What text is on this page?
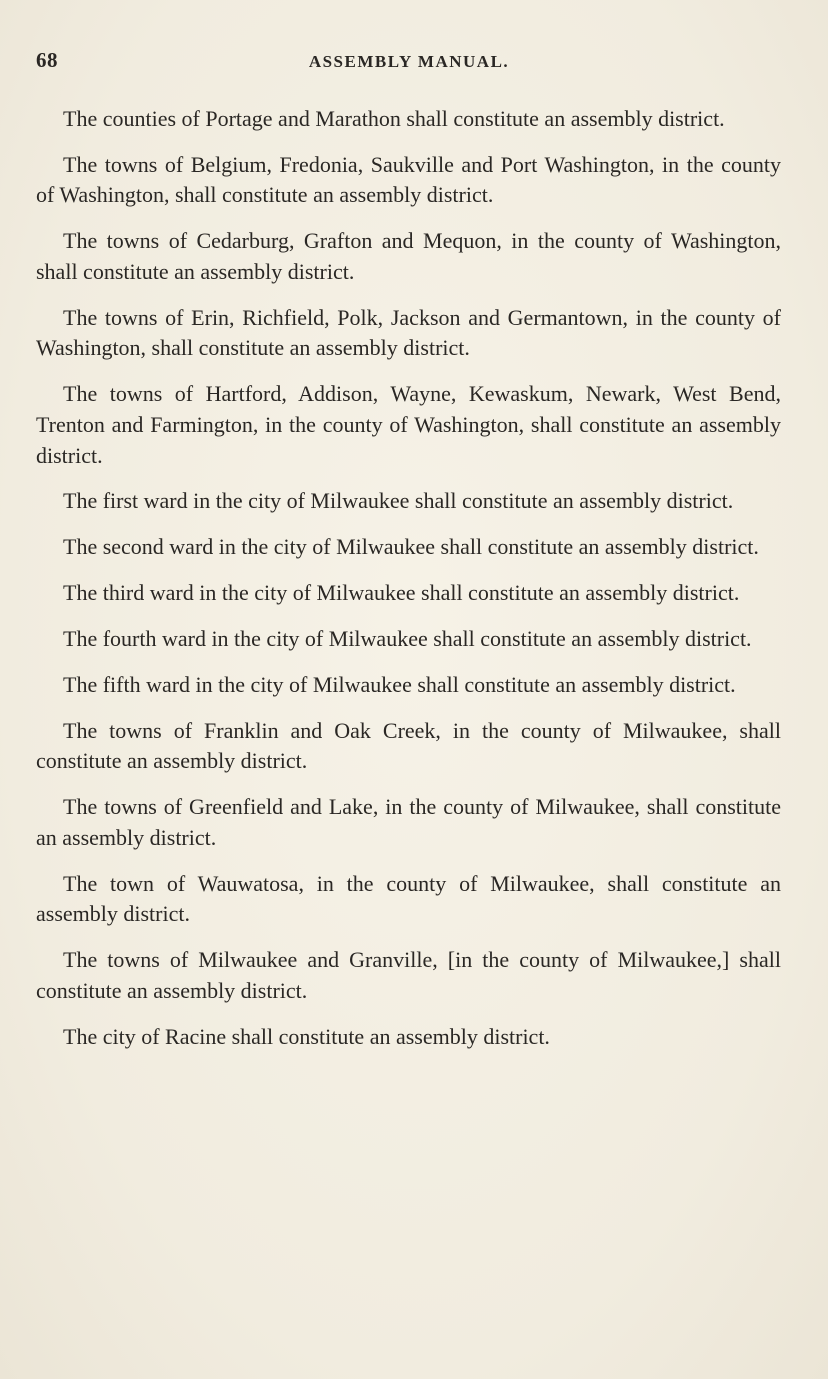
68	ASSEMBLY MANUAL.

The counties of Portage and Marathon shall constitute an assembly district.

The towns of Belgium, Fredonia, Saukville and Port Washington, in the county of Washington, shall constitute an assembly district.

The towns of Cedarburg, Grafton and Mequon, in the county of Washington, shall constitute an assembly district.

The towns of Erin, Richfield, Polk, Jackson and Germantown, in the county of Washington, shall constitute an assembly district.

The towns of Hartford, Addison, Wayne, Kewaskum, Newark, West Bend, Trenton and Farmington, in the county of Washington, shall constitute an assembly district.

The first ward in the city of Milwaukee shall constitute an assembly district.

The second ward in the city of Milwaukee shall constitute an assembly district.

The third ward in the city of Milwaukee shall constitute an assembly district.

The fourth ward in the city of Milwaukee shall constitute an assembly district.

The fifth ward in the city of Milwaukee shall constitute an assembly district.

The towns of Franklin and Oak Creek, in the county of Milwaukee, shall constitute an assembly district.

The towns of Greenfield and Lake, in the county of Milwaukee, shall constitute an assembly district.

The town of Wauwatosa, in the county of Milwaukee, shall constitute an assembly district.

The towns of Milwaukee and Granville, [in the county of Milwaukee,] shall constitute an assembly district.

The city of Racine shall constitute an assembly district.
